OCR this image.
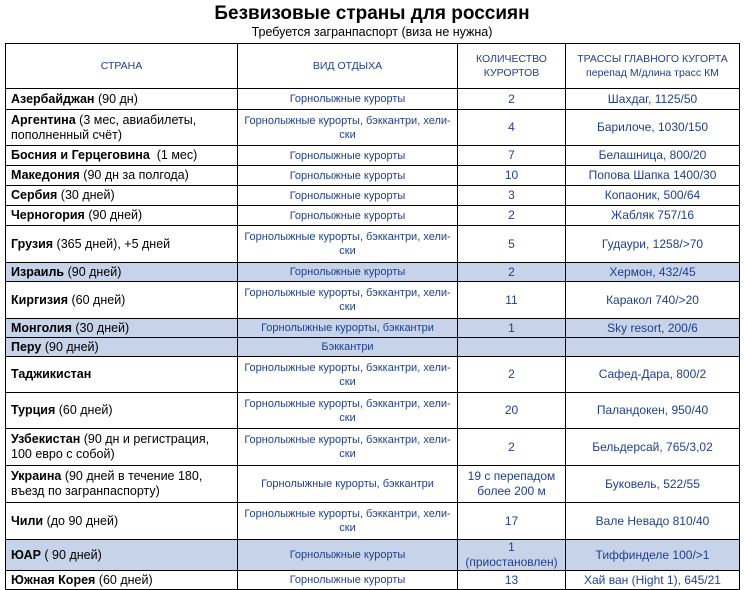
Безвизовые страны для россиян
Требуется загранпаспорт (виза не нужна)
СТРАНА	ВИД ОТДЫХА	КОЛИЧЕСТВО КУРОРТОВ	ТРАССЫ ГЛАВНОГО КУГОРТА перепад М/длина трасс КМ
Азербайджан (90 дн)	Горнолыжные курорты	2	Шахдаг, 1125/50
Аргентина (3 мес, авиабилеты, пополненный счёт)	Горнолыжные курорты, бэккантри, хели-ски	4	Барилоче, 1030/150
Босния и Герцеговина  (1 мес)	Горнолыжные курорты	7	Белашница, 800/20
Македония (90 дн за полгода)	Горнолыжные курорты	10	Попова Шапка 1400/30
Сербия (30 дней)	Горнолыжные курорты	3	Копаоник, 500/64
Черногория (90 дней)	Горнолыжные курорты	2	Жабляк 757/16
Грузия (365 дней), +5 дней	Горнолыжные курорты, бэккантри, хели-ски	5	Гудаури, 1258/>70
Израиль (90 дней)	Горнолыжные курорты	2	Хермон, 432/45
Киргизия (60 дней)	Горнолыжные курорты, бэккантри, хели-ски	11	Каракол 740/>20
Монголия (30 дней)	Горнолыжные курорты, бэккантри	1	Sky resort, 200/6
Перу (90 дней)	Бэккантри		
Таджикистан	Горнолыжные курорты, бэккантри, хели-ски	2	Сафед-Дара, 800/2
Турция (60 дней)	Горнолыжные курорты, бэккантри, хели-ски	20	Паландокен, 950/40
Узбекистан (90 дн и регистрация, 100 евро с собой)	Горнолыжные курорты, бэккантри, хели-ски	2	Бельдерсай, 765/3,02
Украина (90 дней в течение 180, въезд по загранпаспорту)	Горнолыжные курорты, бэккантри	19 с перепадом более 200 м	Буковель, 522/55
Чили (до 90 дней)	Горнолыжные курорты, бэккантри, хели-ски	17	Вале Невадо 810/40
ЮАР ( 90 дней)	Горнолыжные курорты	1 (приостановлен)	Тиффинделе 100/>1
Южная Корея (60 дней)	Горнолыжные курорты	13	Хай ван (Hight 1), 645/21
